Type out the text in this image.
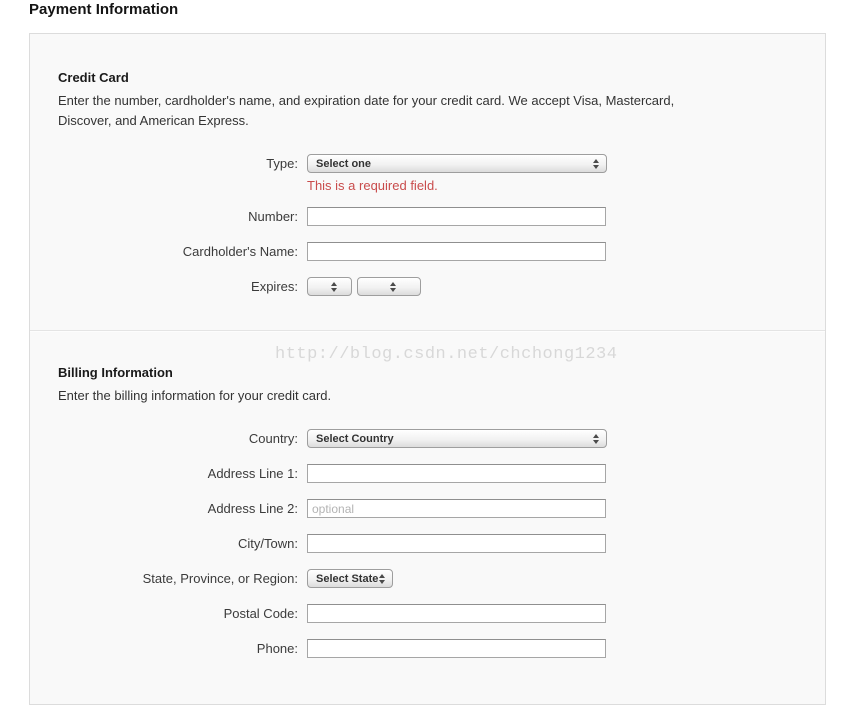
Payment Information
http://blog.csdn.net/chchong1234
Credit Card

Enter the number, cardholder's name, and expiration date for your credit card. We accept Visa, Mastercard,
Discover, and American Express.

Type:	Select one
This is a required field.
Number:
Cardholder's Name:
Expires:
Billing Information

Enter the billing information for your credit card.

Country:	Select Country
Address Line 1:
Address Line 2:
optional
City/Town:
State, Province, or Region:	Select State
Postal Code:
Phone:
